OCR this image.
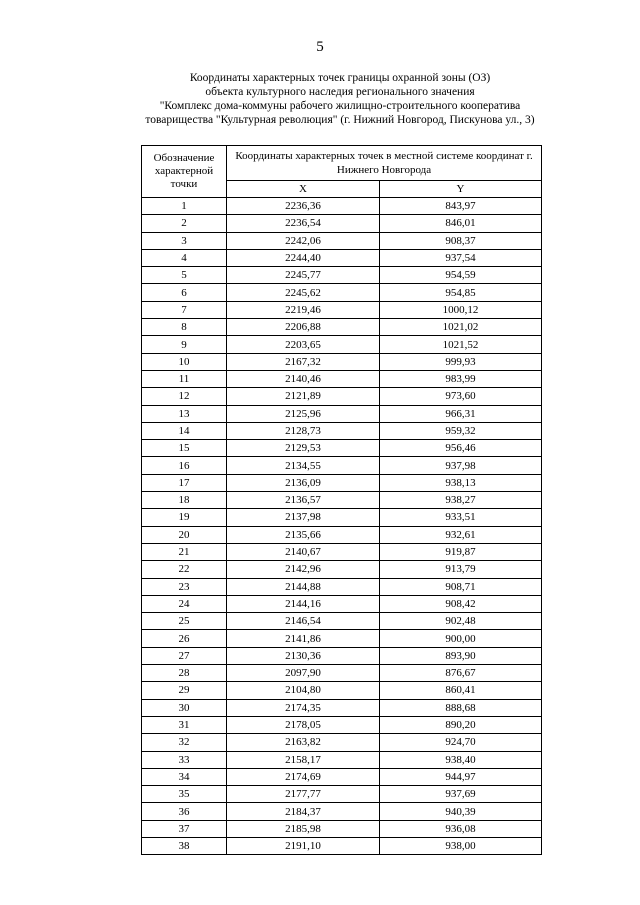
5
Координаты характерных точек границы охранной зоны (ОЗ)
объекта культурного наследия регионального значения
"Комплекс дома-коммуны рабочего жилищно-строительного кооператива
товарищества "Культурная революция" (г. Нижний Новгород, Пискунова ул., 3)
Обозначение характерной точки	Координаты характерных точек в местной системе координат г. Нижнего Новгорода	
	X	Y
1	2236,36	843,97
2	2236,54	846,01
3	2242,06	908,37
4	2244,40	937,54
5	2245,77	954,59
6	2245,62	954,85
7	2219,46	1000,12
8	2206,88	1021,02
9	2203,65	1021,52
10	2167,32	999,93
11	2140,46	983,99
12	2121,89	973,60
13	2125,96	966,31
14	2128,73	959,32
15	2129,53	956,46
16	2134,55	937,98
17	2136,09	938,13
18	2136,57	938,27
19	2137,98	933,51
20	2135,66	932,61
21	2140,67	919,87
22	2142,96	913,79
23	2144,88	908,71
24	2144,16	908,42
25	2146,54	902,48
26	2141,86	900,00
27	2130,36	893,90
28	2097,90	876,67
29	2104,80	860,41
30	2174,35	888,68
31	2178,05	890,20
32	2163,82	924,70
33	2158,17	938,40
34	2174,69	944,97
35	2177,77	937,69
36	2184,37	940,39
37	2185,98	936,08
38	2191,10	938,00
